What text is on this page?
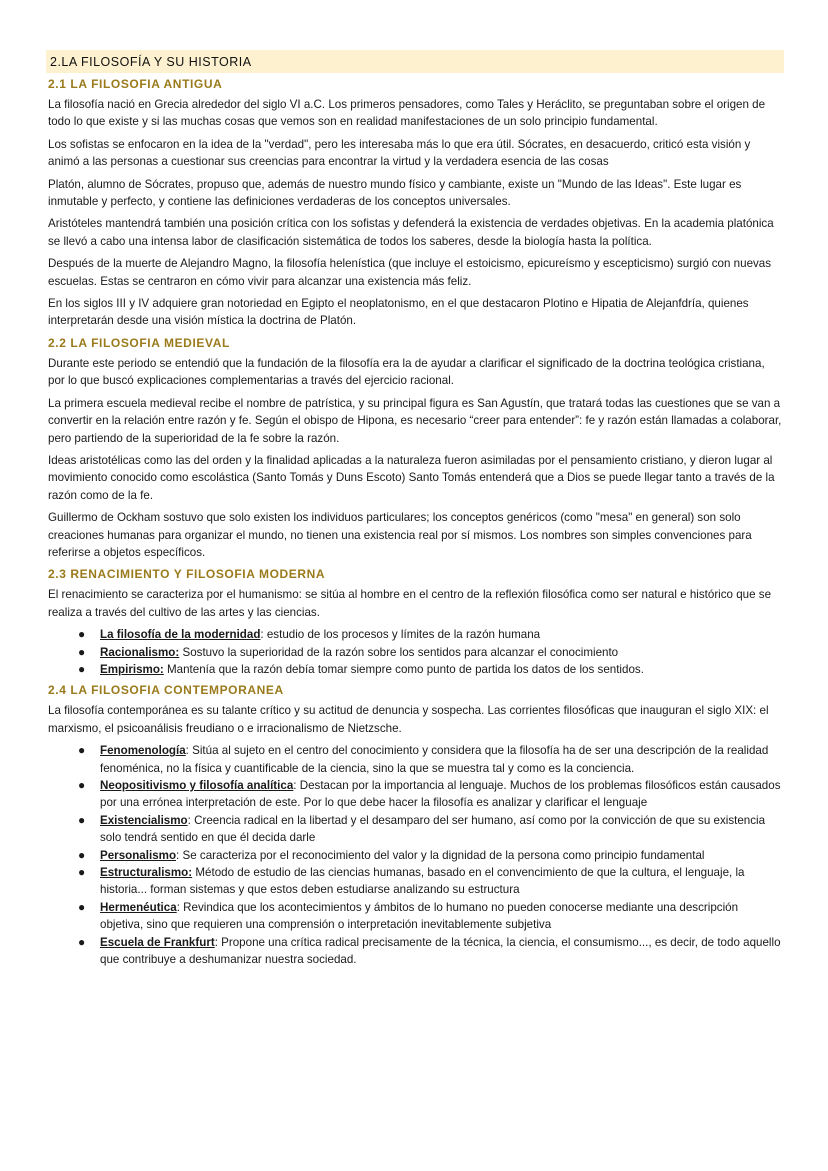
2.LA FILOSOFÍA Y SU HISTORIA
2.1 LA FILOSOFIA ANTIGUA

La filosofía nació en Grecia alrededor del siglo VI a.C. Los primeros pensadores, como Tales y Heráclito, se preguntaban sobre el origen de todo lo que existe y si las muchas cosas que vemos son en realidad manifestaciones de un solo principio fundamental.

Los sofistas se enfocaron en la idea de la "verdad", pero les interesaba más lo que era útil. Sócrates, en desacuerdo, criticó esta visión y animó a las personas a cuestionar sus creencias para encontrar la virtud y la verdadera esencia de las cosas

Platón, alumno de Sócrates, propuso que, además de nuestro mundo físico y cambiante, existe un "Mundo de las Ideas". Este lugar es inmutable y perfecto, y contiene las definiciones verdaderas de los conceptos universales.

Aristóteles mantendrá también una posición crítica con los sofistas y defenderá la existencia de verdades objetivas. En la academia platónica se llevó a cabo una intensa labor de clasificación sistemática de todos los saberes, desde la biología hasta la política.

Después de la muerte de Alejandro Magno, la filosofía helenística (que incluye el estoicismo, epicureísmo y escepticismo) surgió con nuevas escuelas. Estas se centraron en cómo vivir para alcanzar una existencia más feliz.

En los siglos III y IV adquiere gran notoriedad en Egipto el neoplatonismo, en el que destacaron Plotino e Hipatia de Alejanfdría, quienes interpretarán desde una visión mística la doctrina de Platón.

2.2 LA FILOSOFIA MEDIEVAL

Durante este periodo se entendió que la fundación de la filosofía era la de ayudar a clarificar el significado de la doctrina teológica cristiana, por lo que buscó explicaciones complementarias a través del ejercicio racional.

La primera escuela medieval recibe el nombre de patrística, y su principal figura es San Agustín, que tratará todas las cuestiones que se van a convertir en la relación entre razón y fe. Según el obispo de Hipona, es necesario “creer para entender”: fe y razón están llamadas a colaborar, pero partiendo de la superioridad de la fe sobre la razón.

Ideas aristotélicas como las del orden y la finalidad aplicadas a la naturaleza fueron asimiladas por el pensamiento cristiano, y dieron lugar al movimiento conocido como escolástica (Santo Tomás y Duns Escoto) Santo Tomás entenderá que a Dios se puede llegar tanto a través de la razón como de la fe.

Guillermo de Ockham sostuvo que solo existen los individuos particulares; los conceptos genéricos (como "mesa" en general) son solo creaciones humanas para organizar el mundo, no tienen una existencia real por sí mismos. Los nombres son simples convenciones para referirse a objetos específicos.

2.3 RENACIMIENTO Y FILOSOFIA MODERNA

El renacimiento se caracteriza por el humanismo: se sitúa al hombre en el centro de la reflexión filosófica como ser natural e histórico que se realiza a través del cultivo de las artes y las ciencias.

● La filosofía de la modernidad: estudio de los procesos y límites de la razón humana
● Racionalismo: Sostuvo la superioridad de la razón sobre los sentidos para alcanzar el conocimiento
● Empirismo: Mantenía que la razón debía tomar siempre como punto de partida los datos de los sentidos.
2.4 LA FILOSOFIA CONTEMPORANEA

La filosofía contemporánea es su talante crítico y su actitud de denuncia y sospecha. Las corrientes filosóficas que inauguran el siglo XIX: el marxismo, el psicoanálisis freudiano o e irracionalismo de Nietzsche.

● Fenomenología: Sitúa al sujeto en el centro del conocimiento y considera que la filosofía ha de ser una descripción de la realidad fenoménica, no la física y cuantificable de la ciencia, sino la que se muestra tal y como es la conciencia.
● Neopositivismo y filosofía analítica: Destacan por la importancia al lenguaje. Muchos de los problemas filosóficos están causados por una errónea interpretación de este. Por lo que debe hacer la filosofía es analizar y clarificar el lenguaje
● Existencialismo: Creencia radical en la libertad y el desamparo del ser humano, así como por la convicción de que su existencia solo tendrá sentido en que él decida darle
● Personalismo: Se caracteriza por el reconocimiento del valor y la dignidad de la persona como principio fundamental
● Estructuralismo: Método de estudio de las ciencias humanas, basado en el convencimiento de que la cultura, el lenguaje, la historia... forman sistemas y que estos deben estudiarse analizando su estructura
● Hermenéutica: Revindica que los acontecimientos y ámbitos de lo humano no pueden conocerse mediante una descripción objetiva, sino que requieren una comprensión o interpretación inevitablemente subjetiva
● Escuela de Frankfurt: Propone una crítica radical precisamente de la técnica, la ciencia, el consumismo..., es decir, de todo aquello que contribuye a deshumanizar nuestra sociedad.
